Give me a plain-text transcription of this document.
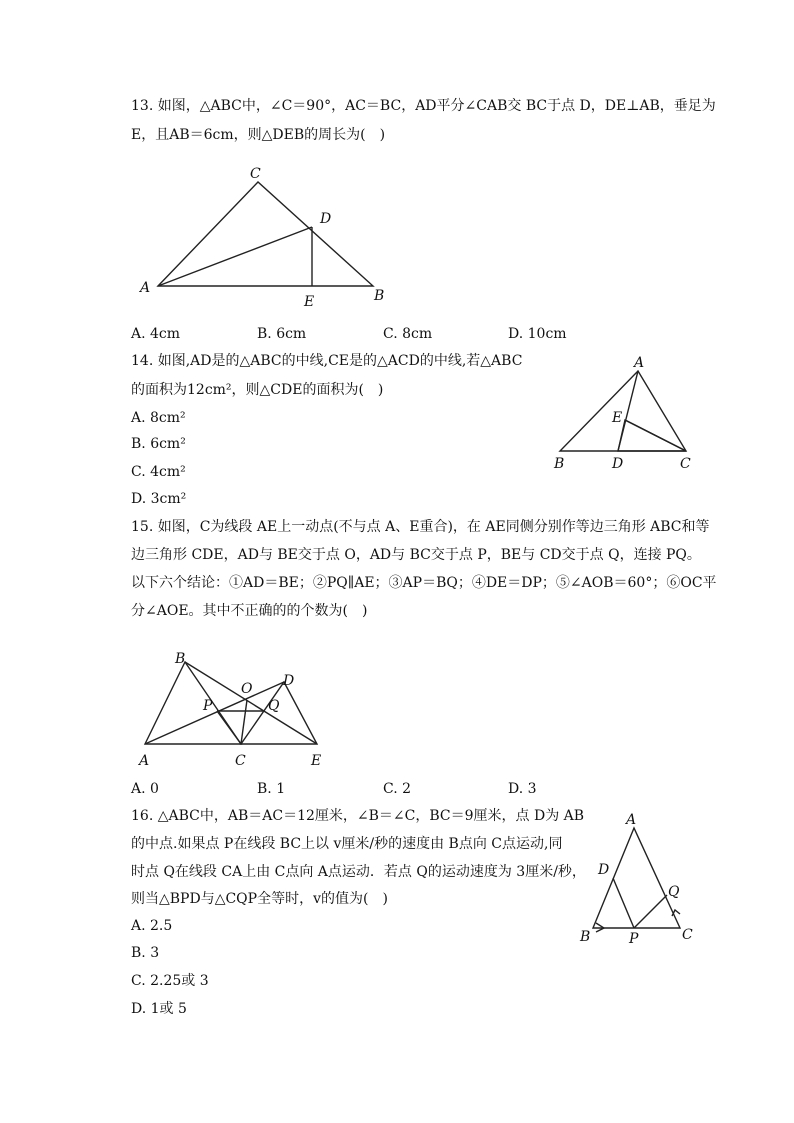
13. 如图，△ABC中，∠C＝90°，AC＝BC，AD平分∠CAB交 BC于点 D，DE⊥AB，垂足为
E，且AB＝6cm，则△DEB的周长为(　)
C
D
A
E	B
A. 4cm	B. 6cm	C. 8cm	D. 10cm
14. 如图,AD是的△ABC的中线,CE是的△ACD的中线,若△ABC
的面积为12cm²，则△CDE的面积为(　)
A. 8cm²
B. 6cm²
C. 4cm²
D. 3cm²
A
E
B	D	C
15. 如图，C为线段 AE上一动点(不与点 A、E重合)，在 AE同侧分别作等边三角形 ABC和等
边三角形 CDE，AD与 BE交于点 O，AD与 BC交于点 P，BE与 CD交于点 Q，连接 PQ。
以下六个结论：①AD＝BE；②PQ∥AE；③AP＝BQ；④DE＝DP；⑤∠AOB＝60°；⑥OC平
分∠AOE。其中不正确的的个数为(　)
B
O D
P	Q
A	C	E
A. 0	B. 1	C. 2	D. 3
16. △ABC中，AB＝AC＝12厘米，∠B＝∠C，BC＝9厘米，点 D为 AB
的中点.如果点 P在线段 BC上以 v厘米/秒的速度由 B点向 C点运动,同
时点 Q在线段 CA上由 C点向 A点运动．若点 Q的运动速度为 3厘米/秒，
则当△BPD与△CQP全等时，v的值为(　)
A. 2.5
B. 3
C. 2.25或 3
D. 1或 5
A
D
Q
B	P	C
